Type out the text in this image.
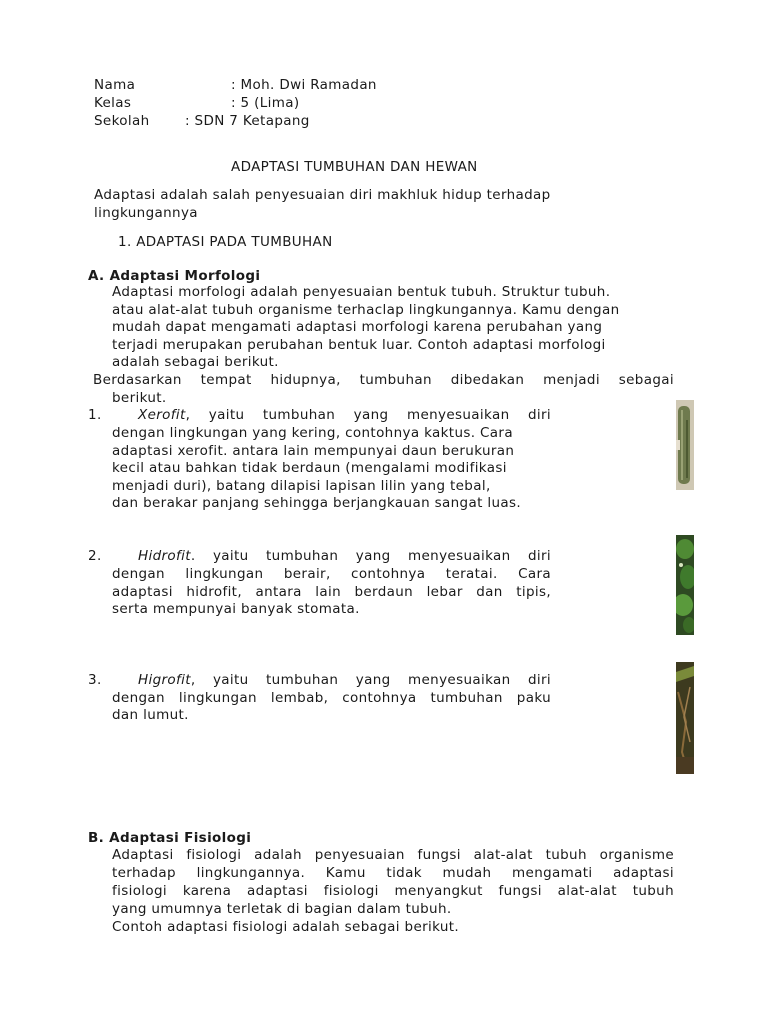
Nama	: Moh. Dwi Ramadan
Kelas	: 5 (Lima)
Sekolah	: SDN 7 Ketapang
ADAPTASI TUMBUHAN DAN HEWAN
Adaptasi adalah salah penyesuaian diri makhluk hidup terhadap
lingkungannya
1. ADAPTASI PADA TUMBUHAN
A. Adaptasi Morfologi
Adaptasi morfologi adalah penyesuaian bentuk tubuh. Struktur tubuh.
atau alat-alat tubuh organisme terhaclap lingkungannya. Kamu dengan
mudah dapat mengamati adaptasi morfologi karena perubahan yang
terjadi merupakan perubahan bentuk luar. Contoh adaptasi morfologi
adalah sebagai berikut.
Berdasarkan tempat hidupnya, tumbuhan dibedakan menjadi sebagai
berikut.
1.	Xerofit, yaitu tumbuhan yang menyesuaikan diri
dengan lingkungan yang kering, contohnya kaktus. Cara
adaptasi xerofit. antara lain mempunyai daun berukuran
kecil atau bahkan tidak berdaun (mengalami modifikasi
menjadi duri), batang dilapisi lapisan lilin yang tebal,
dan berakar panjang sehingga berjangkauan sangat luas.
2.	Hidrofit. yaitu tumbuhan yang menyesuaikan diri
dengan lingkungan berair, contohnya teratai. Cara
adaptasi hidrofit, antara lain berdaun lebar dan tipis,
serta mempunyai banyak stomata.
3.	Higrofit, yaitu tumbuhan yang menyesuaikan diri
dengan lingkungan lembab, contohnya tumbuhan paku
dan lumut.
B. Adaptasi Fisiologi
Adaptasi fisiologi adalah penyesuaian fungsi alat-alat tubuh organisme
terhadap lingkungannya. Kamu tidak mudah mengamati adaptasi
fisiologi karena adaptasi fisiologi menyangkut fungsi alat-alat tubuh
yang umumnya terletak di bagian dalam tubuh.
Contoh adaptasi fisiologi adalah sebagai berikut.
